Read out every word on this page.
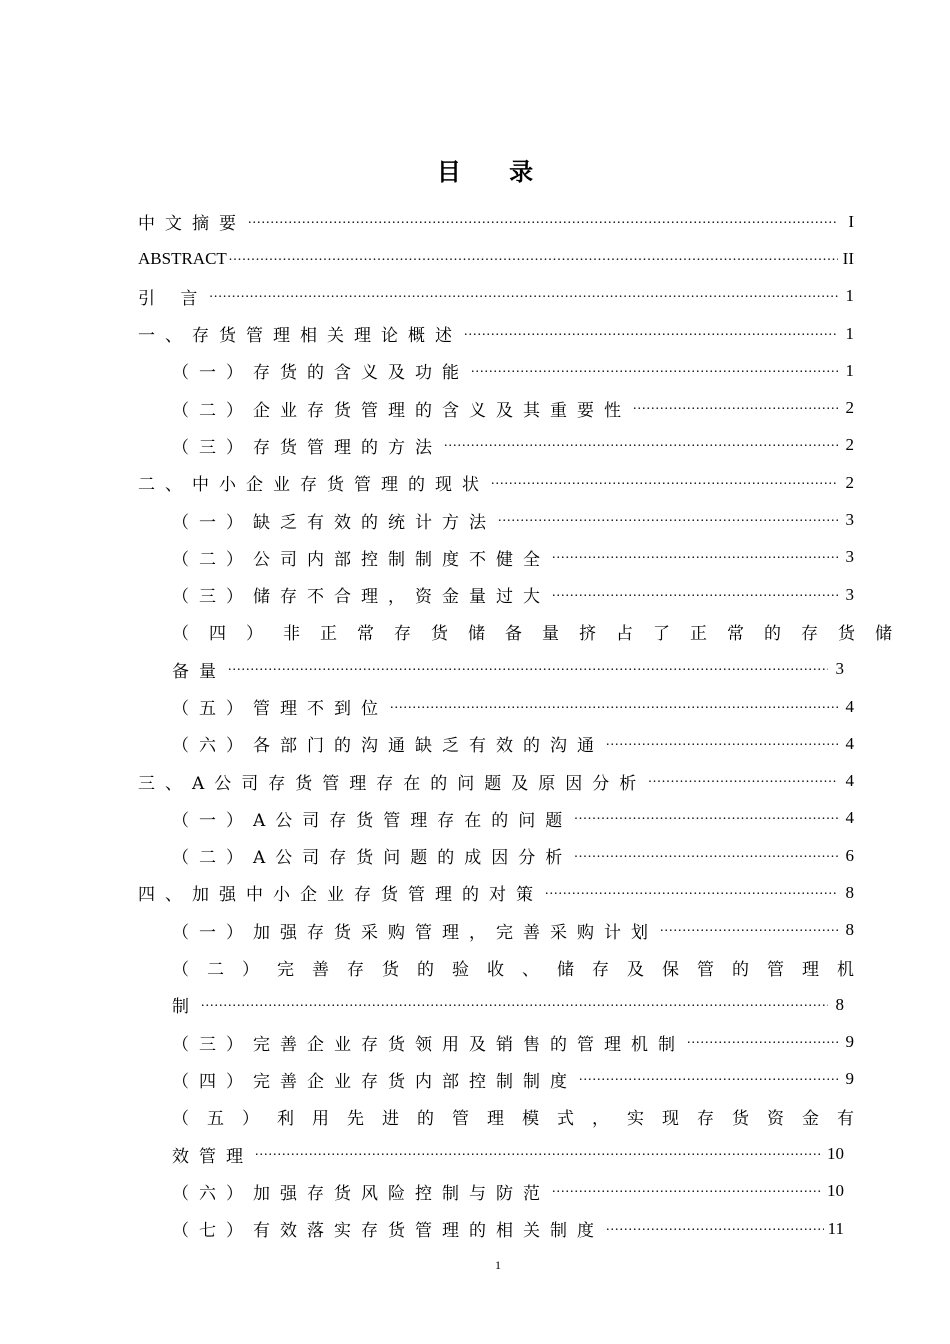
目 录
中文摘要 .....	I
ABSTRACT .....	II
引 言 .....	1
一、存货管理相关理论概述 .....	1
（一）存货的含义及功能 .....	1
（二）企业存货管理的含义及其重要性 .....	2
（三）存货管理的方法 .....	2
二、中小企业存货管理的现状 .....	2
（一）缺乏有效的统计方法 .....	3
（二）公司内部控制制度不健全 .....	3
（三）储存不合理，资金量过大 .....	3
（四）非正常存货储备量挤占了正常的存货储
备量 .....	3
（五）管理不到位 .....	4
（六）各部门的沟通缺乏有效的沟通 .....	4
三、A公司存货管理存在的问题及原因分析 .....	4
（一）A公司存货管理存在的问题 .....	4
（二）A公司存货问题的成因分析 .....	6
四、加强中小企业存货管理的对策 .....	8
（一）加强存货采购管理，完善采购计划 .....	8
（二）完善存货的验收、储存及保管的管理机
制 .....	8
（三）完善企业存货领用及销售的管理机制 .....	9
（四）完善企业存货内部控制制度 .....	9
（五）利用先进的管理模式，实现存货资金有
效管理 .....	10
（六）加强存货风险控制与防范 .....	10
（七）有效落实存货管理的相关制度 .....	11
1
